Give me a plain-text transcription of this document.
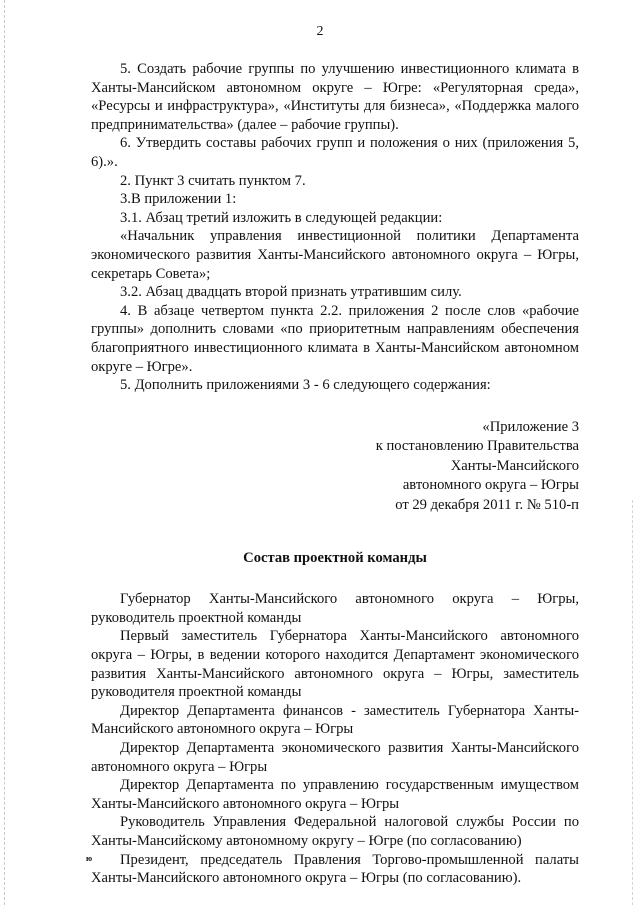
2

5. Создать рабочие группы по улучшению инвестиционного климата в Ханты-Мансийском автономном округе – Югре: «Регуляторная среда», «Ресурсы и инфраструктура», «Институты для бизнеса», «Поддержка малого предпринимательства» (далее – рабочие группы).

6. Утвердить составы рабочих групп и положения о них (приложения 5, 6).».

2. Пункт 3 считать пунктом 7.

3.В приложении 1:

3.1. Абзац третий изложить в следующей редакции:

«Начальник управления инвестиционной политики Департамента экономического развития Ханты-Мансийского автономного округа – Югры, секретарь Совета»;

3.2. Абзац двадцать второй признать утратившим силу.

4. В абзаце четвертом пункта 2.2. приложения 2 после слов «рабочие группы» дополнить словами «по приоритетным направлениям обеспечения благоприятного инвестиционного климата в Ханты-Мансийском автономном округе – Югре».

5. Дополнить приложениями 3 - 6 следующего содержания:

«Приложение 3
к постановлению Правительства
Ханты-Мансийского
автономного округа – Югры
от 29 декабря 2011 г. № 510-п
Состав проектной команды

Губернатор Ханты-Мансийского автономного округа – Югры, руководитель проектной команды

Первый заместитель Губернатора Ханты-Мансийского автономного округа – Югры, в ведении которого находится Департамент экономического развития Ханты-Мансийского автономного округа – Югры, заместитель руководителя проектной команды

Директор Департамента финансов - заместитель Губернатора Ханты-Мансийского автономного округа – Югры

Директор Департамента экономического развития Ханты-Мансийского автономного округа – Югры

Директор Департамента по управлению государственным имуществом Ханты-Мансийского автономного округа – Югры

Руководитель Управления Федеральной налоговой службы России по Ханты-Мансийскому автономному округу – Югре (по согласованию)

Президент, председатель Правления Торгово-промышленной палаты Ханты-Мансийского автономного округа – Югры (по согласованию).

ю
